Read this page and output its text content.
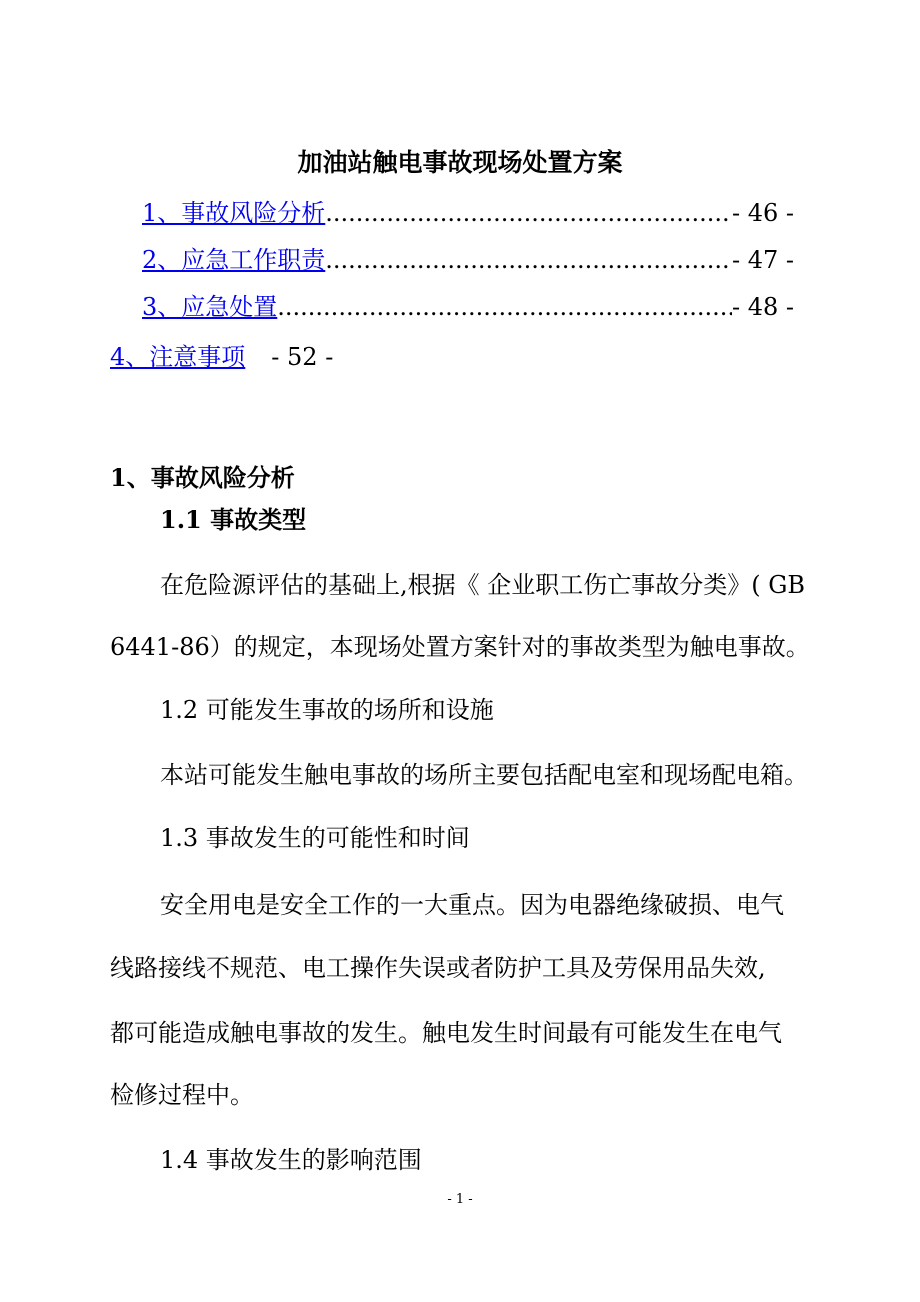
加油站触电事故现场处置方案
1、事故风险分析 .....	- 46 -
2、应急工作职责 .....	- 47 -
3、应急处置 .....	- 48 -
4、注意事项 - 52 -
1、事故风险分析
1.1 事故类型
在危险源评估的基础上,根据《 企业职工伤亡事故分类》( GB
6441-86）的规定，本现场处置方案针对的事故类型为触电事故。
1.2 可能发生事故的场所和设施
本站可能发生触电事故的场所主要包括配电室和现场配电箱。
1.3 事故发生的可能性和时间
安全用电是安全工作的一大重点。因为电器绝缘破损、电气
线路接线不规范、电工操作失误或者防护工具及劳保用品失效,
都可能造成触电事故的发生。触电发生时间最有可能发生在电气
检修过程中。
1.4 事故发生的影响范围
- 1 -
